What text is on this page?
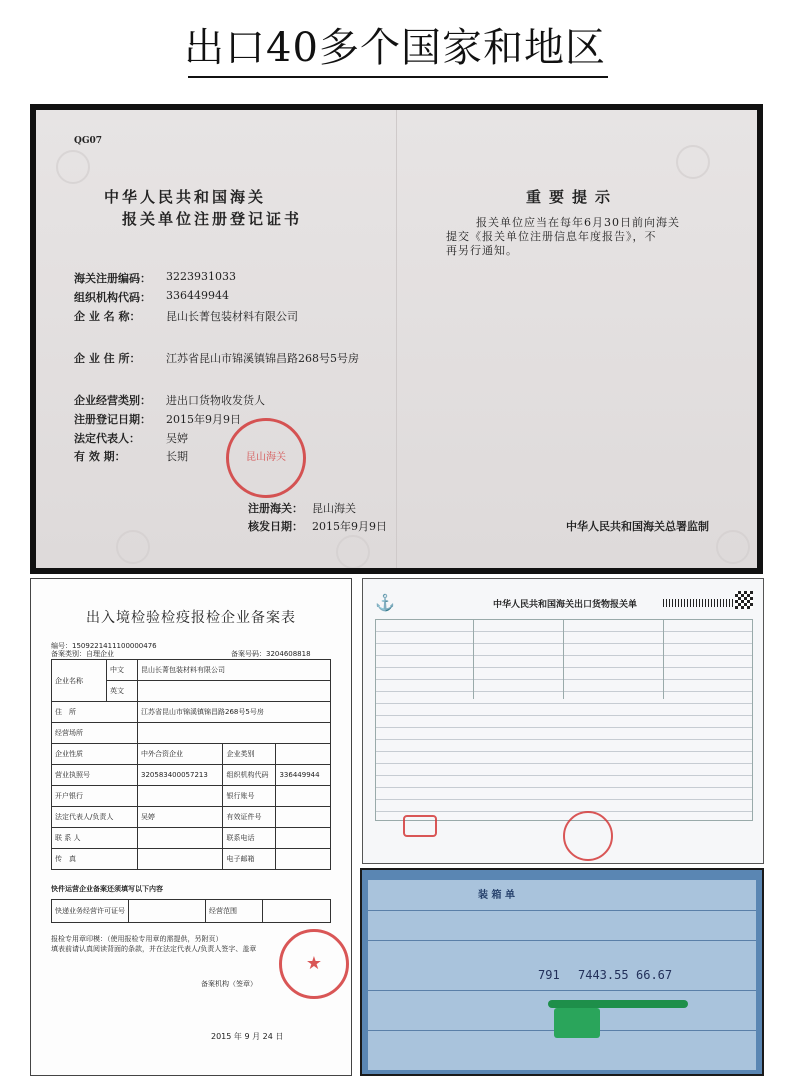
出口40多个国家和地区
QG07
中华人民共和国海关
报关单位注册登记证书
重要提示
报关单位应当在每年6月30日前向海关
提交《报关单位注册信息年度报告》，不
再另行通知。
海关注册编码： 3223931033
组织机构代码： 336449944
企 业 名 称： 昆山长菁包装材料有限公司
企 业 住 所： 江苏省昆山市锦溪镇锦昌路268号5号房
企业经营类别： 进出口货物收发货人
注册登记日期： 2015年9月9日
法定代表人： 吴婷
有 效 期：	长期	昆山海关
注册海关： 昆山海关
核发日期： 2015年9月9日	中华人民共和国海关总署监制
出入境检验检疫报检企业备案表
编号：1509221411100000476
备案类别：自理企业	备案号码：3204608818
企业名称	中文	昆山长菁包装材料有限公司		
	英文			
住　所		江苏省昆山市锦溪镇锦昌路268号5号房		
经营场所				
企业性质		中外合资企业	企业类别	
营业执照号		320583400057213	组织机构代码	336449944
开户银行			银行账号	
法定代表人/负责人		吴婷	有效证件号	
联 系 人			联系电话	
传　真			电子邮箱	
快件运营企业备案还须填写以下内容
快递业务经营许可证号		经营范围	
报检专用章印模：（使用报检专用章的需提供，另附页）
填表前请认真阅读背面的条款，并在法定代表人/负责人签字、盖章
备案机构（签章）
2015 年 9 月 24 日
★
⚓	中华人民共和国海关出口货物报关单
装 箱 单
791 7443.55 66.67
